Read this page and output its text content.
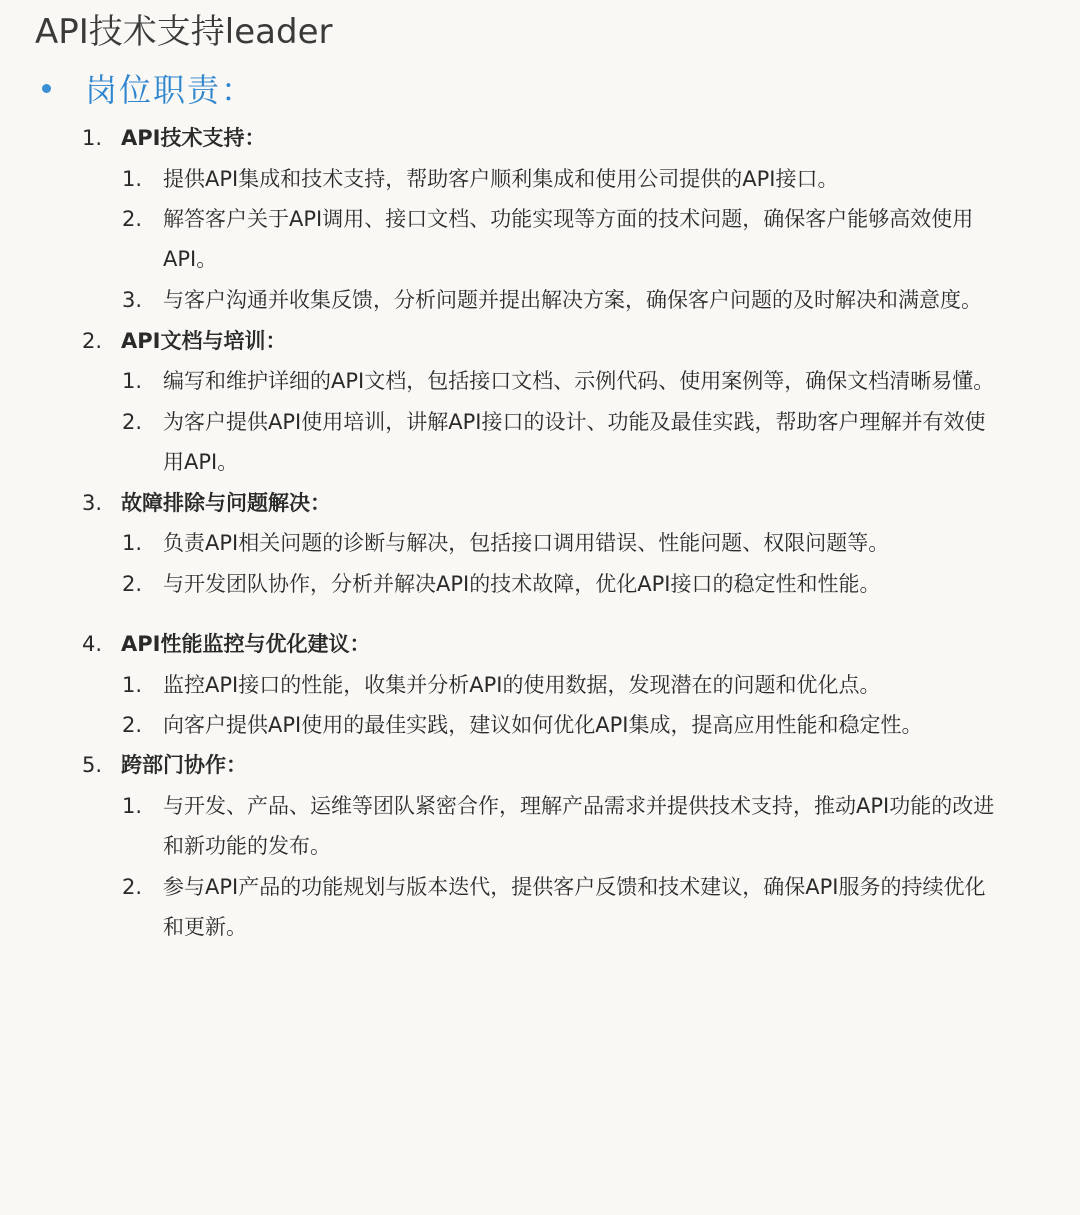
API技术支持leader
岗位职责：
1. API技术支持：
1. 提供API集成和技术支持，帮助客户顺利集成和使用公司提供的API接口。
2. 解答客户关于API调用、接口文档、功能实现等方面的技术问题，确保客户能够高效使用
API。
3. 与客户沟通并收集反馈，分析问题并提出解决方案，确保客户问题的及时解决和满意度。
2. API文档与培训：
1. 编写和维护详细的API文档，包括接口文档、示例代码、使用案例等，确保文档清晰易懂。
2. 为客户提供API使用培训，讲解API接口的设计、功能及最佳实践，帮助客户理解并有效使
用API。
3. 故障排除与问题解决：
1. 负责API相关问题的诊断与解决，包括接口调用错误、性能问题、权限问题等。
2. 与开发团队协作，分析并解决API的技术故障，优化API接口的稳定性和性能。
4. API性能监控与优化建议：
1. 监控API接口的性能，收集并分析API的使用数据，发现潜在的问题和优化点。
2. 向客户提供API使用的最佳实践，建议如何优化API集成，提高应用性能和稳定性。
5. 跨部门协作：
1. 与开发、产品、运维等团队紧密合作，理解产品需求并提供技术支持，推动API功能的改进
和新功能的发布。
2. 参与API产品的功能规划与版本迭代，提供客户反馈和技术建议，确保API服务的持续优化
和更新。
